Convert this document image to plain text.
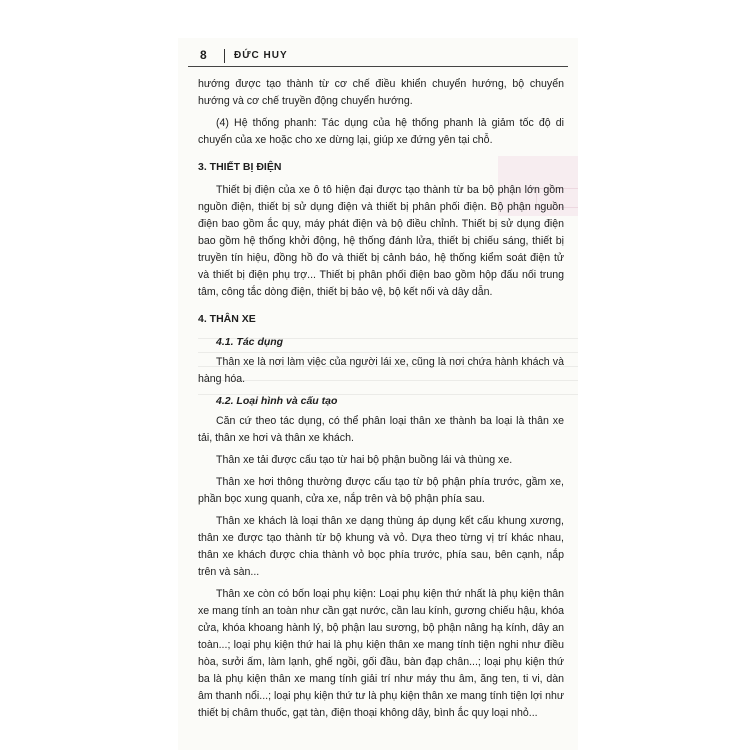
8	ĐỨC HUY

hướng được tạo thành từ cơ chế điều khiển chuyển hướng, bộ chuyển hướng và cơ chế truyền động chuyển hướng.

(4) Hệ thống phanh: Tác dụng của hệ thống phanh là giảm tốc độ di chuyển của xe hoặc cho xe dừng lại, giúp xe đứng yên tại chỗ.

3. THIẾT BỊ ĐIỆN

Thiết bị điện của xe ô tô hiện đại được tạo thành từ ba bộ phận lớn gồm nguồn điện, thiết bị sử dụng điện và thiết bị phân phối điện. Bộ phận nguồn điện bao gồm ắc quy, máy phát điện và bộ điều chỉnh. Thiết bị sử dụng điện bao gồm hệ thống khởi động, hệ thống đánh lửa, thiết bị chiếu sáng, thiết bị truyền tín hiệu, đồng hồ đo và thiết bị cảnh báo, hệ thống kiểm soát điện tử và thiết bị điện phụ trợ... Thiết bị phân phối điện bao gồm hộp đấu nối trung tâm, công tắc dòng điện, thiết bị bảo vệ, bộ kết nối và dây dẫn.

4. THÂN XE
4.1. Tác dụng

Thân xe là nơi làm việc của người lái xe, cũng là nơi chứa hành khách và hàng hóa.

4.2. Loại hình và cấu tạo

Căn cứ theo tác dụng, có thể phân loại thân xe thành ba loại là thân xe tải, thân xe hơi và thân xe khách.

Thân xe tải được cấu tạo từ hai bộ phận buồng lái và thùng xe.

Thân xe hơi thông thường được cấu tạo từ bộ phận phía trước, gầm xe, phần bọc xung quanh, cửa xe, nắp trên và bộ phận phía sau.

Thân xe khách là loại thân xe dạng thùng áp dụng kết cấu khung xương, thân xe được tạo thành từ bộ khung và vỏ. Dựa theo từng vị trí khác nhau, thân xe khách được chia thành vỏ bọc phía trước, phía sau, bên cạnh, nắp trên và sàn...

Thân xe còn có bốn loại phụ kiện: Loại phụ kiện thứ nhất là phụ kiện thân xe mang tính an toàn như cần gạt nước, cần lau kính, gương chiếu hậu, khóa cửa, khóa khoang hành lý, bộ phận lau sương, bộ phận nâng hạ kính, dây an toàn...; loại phụ kiện thứ hai là phụ kiện thân xe mang tính tiện nghi như điều hòa, sưởi ấm, làm lạnh, ghế ngồi, gối đầu, bàn đạp chân...; loại phụ kiện thứ ba là phụ kiện thân xe mang tính giải trí như máy thu âm, ăng ten, ti vi, dàn âm thanh nổi...; loại phụ kiện thứ tư là phụ kiện thân xe mang tính tiện lợi như thiết bị châm thuốc, gạt tàn, điện thoại không dây, bình ắc quy loại nhỏ...
